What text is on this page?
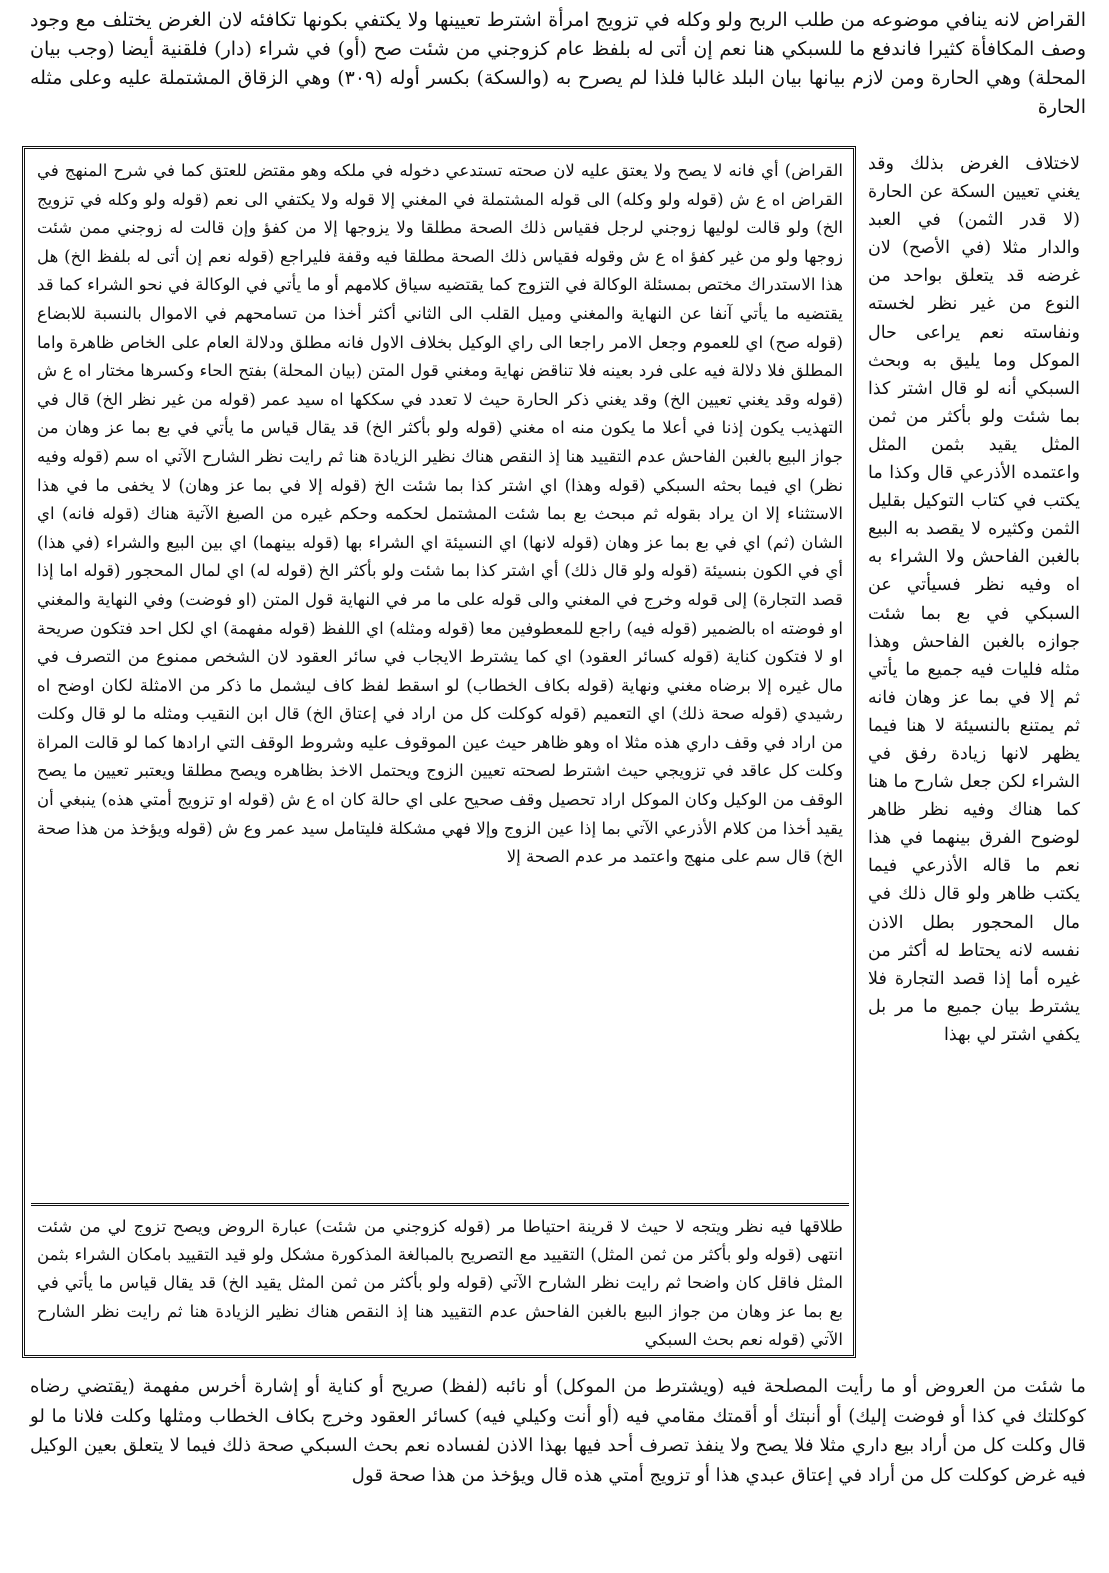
القراض لانه ينافي موضوعه من طلب الربح ولو وكله في تزويج امرأة اشترط تعيينها ولا يكتفي بكونها تكافئه لان الغرض يختلف مع وجود وصف المكافأة كثيرا فاندفع ما للسبكي هنا نعم إن أتى له بلفظ عام كزوجني من شئت صح (أو) في شراء (دار) فلقنية أيضا (وجب بيان المحلة) وهي الحارة ومن لازم بيانها بيان البلد غالبا فلذا لم يصرح به (والسكة) بكسر أوله (٣٠٩) وهي الزقاق المشتملة عليه وعلى مثله الحارة

لاختلاف الغرض بذلك وقد يغني تعيين السكة عن الحارة (لا قدر الثمن) في العبد والدار مثلا (في الأصح) لان غرضه قد يتعلق بواحد من النوع من غير نظر لخسته ونفاسته نعم يراعى حال الموكل وما يليق به وبحث السبكي أنه لو قال اشتر كذا بما شئت ولو بأكثر من ثمن المثل يقيد بثمن المثل واعتمده الأذرعي قال وكذا ما يكتب في كتاب التوكيل بقليل الثمن وكثيره لا يقصد به البيع بالغبن الفاحش ولا الشراء به اه وفيه نظر فسيأتي عن السبكي في بع بما شئت جوازه بالغبن الفاحش وهذا مثله فليات فيه جميع ما يأتي ثم إلا في بما عز وهان فانه ثم يمتنع بالنسيئة لا هنا فيما يظهر لانها زيادة رفق في الشراء لكن جعل شارح ما هنا كما هناك وفيه نظر ظاهر لوضوح الفرق بينهما في هذا نعم ما قاله الأذرعي فيما يكتب ظاهر ولو قال ذلك في مال المحجور بطل الاذن نفسه لانه يحتاط له أكثر من غيره أما إذا قصد التجارة فلا يشترط بيان جميع ما مر بل يكفي اشتر لي بهذا

القراض) أي فانه لا يصح ولا يعتق عليه لان صحته تستدعي دخوله في ملكه وهو مقتض للعتق كما في شرح المنهج في القراض اه ع ش (قوله ولو وكله) الى قوله المشتملة في المغني إلا قوله ولا يكتفي الى نعم (قوله ولو وكله في تزويج الخ) ولو قالت لوليها زوجني لرجل فقياس ذلك الصحة مطلقا ولا يزوجها إلا من كفؤ وإن قالت له زوجني ممن شئت زوجها ولو من غير كفؤ اه ع ش وقوله فقياس ذلك الصحة مطلقا فيه وقفة فليراجع (قوله نعم إن أتى له بلفظ الخ) هل هذا الاستدراك مختص بمسئلة الوكالة في التزوج كما يقتضيه سياق كلامهم أو ما يأتي في الوكالة في نحو الشراء كما قد يقتضيه ما يأتي آنفا عن النهاية والمغني وميل القلب الى الثاني أكثر أخذا من تسامحهم في الاموال بالنسبة للابضاع (قوله صح) اي للعموم وجعل الامر راجعا الى راي الوكيل بخلاف الاول فانه مطلق ودلالة العام على الخاص ظاهرة واما المطلق فلا دلالة فيه على فرد بعينه فلا تناقض نهاية ومغني قول المتن (بيان المحلة) بفتح الحاء وكسرها مختار اه ع ش (قوله وقد يغني تعيين الخ) وقد يغني ذكر الحارة حيث لا تعدد في سككها اه سيد عمر (قوله من غير نظر الخ) قال في التهذيب يكون إذنا في أعلا ما يكون منه اه مغني (قوله ولو بأكثر الخ) قد يقال قياس ما يأتي في بع بما عز وهان من جواز البيع بالغبن الفاحش عدم التقييد هنا إذ النقص هناك نظير الزيادة هنا ثم رايت نظر الشارح الآتي اه سم (قوله وفيه نظر) اي فيما بحثه السبكي (قوله وهذا) اي اشتر كذا بما شئت الخ (قوله إلا في بما عز وهان) لا يخفى ما في هذا الاستثناء إلا ان يراد بقوله ثم مبحث بع بما شئت المشتمل لحكمه وحكم غيره من الصيغ الآتية هناك (قوله فانه) اي الشان (ثم) اي في بع بما عز وهان (قوله لانها) اي النسيئة اي الشراء بها (قوله بينهما) اي بين البيع والشراء (في هذا) أي في الكون بنسيئة (قوله ولو قال ذلك) أي اشتر كذا بما شئت ولو بأكثر الخ (قوله له) اي لمال المحجور (قوله اما إذا قصد التجارة) إلى قوله وخرج في المغني والى قوله على ما مر في النهاية قول المتن (او فوضت) وفي النهاية والمغني او فوضته اه بالضمير (قوله فيه) راجع للمعطوفين معا (قوله ومثله) اي اللفظ (قوله مفهمة) اي لكل احد فتكون صريحة او لا فتكون كناية (قوله كسائر العقود) اي كما يشترط الايجاب في سائر العقود لان الشخص ممنوع من التصرف في مال غيره إلا برضاه مغني ونهاية (قوله بكاف الخطاب) لو اسقط لفظ كاف ليشمل ما ذكر من الامثلة لكان اوضح اه رشيدي (قوله صحة ذلك) اي التعميم (قوله كوكلت كل من اراد في إعتاق الخ) قال ابن النقيب ومثله ما لو قال وكلت من اراد في وقف داري هذه مثلا اه وهو ظاهر حيث عين الموقوف عليه وشروط الوقف التي ارادها كما لو قالت المراة وكلت كل عاقد في تزويجي حيث اشترط لصحته تعيين الزوج ويحتمل الاخذ بظاهره ويصح مطلقا ويعتبر تعيين ما يصح الوقف من الوكيل وكان الموكل اراد تحصيل وقف صحيح على اي حالة كان اه ع ش (قوله او تزويج أمتي هذه) ينبغي أن يقيد أخذا من كلام الأذرعي الآتي بما إذا عين الزوج وإلا فهي مشكلة فليتامل سيد عمر وع ش (قوله ويؤخذ من هذا صحة الخ) قال سم على منهج واعتمد مر عدم الصحة إلا

طلاقها فيه نظر ويتجه لا حيث لا قرينة احتياطا مر (قوله كزوجني من شئت) عبارة الروض ويصح تزوج لي من شئت انتهى (قوله ولو بأكثر من ثمن المثل) التقييد مع التصريح بالمبالغة المذكورة مشكل ولو قيد التقييد بامكان الشراء بثمن المثل فاقل كان واضحا ثم رايت نظر الشارح الآتي (قوله ولو بأكثر من ثمن المثل يقيد الخ) قد يقال قياس ما يأتي في بع بما عز وهان من جواز البيع بالغبن الفاحش عدم التقييد هنا إذ النقص هناك نظير الزيادة هنا ثم رايت نظر الشارح الآتي (قوله نعم بحث السبكي

ما شئت من العروض أو ما رأيت المصلحة فيه (ويشترط من الموكل) أو نائبه (لفظ) صريح أو كناية أو إشارة أخرس مفهمة (يقتضي رضاه كوكلتك في كذا أو فوضت إليك) أو أنبتك أو أقمتك مقامي فيه (أو أنت وكيلي فيه) كسائر العقود وخرج بكاف الخطاب ومثلها وكلت فلانا ما لو قال وكلت كل من أراد بيع داري مثلا فلا يصح ولا ينفذ تصرف أحد فيها بهذا الاذن لفساده نعم بحث السبكي صحة ذلك فيما لا يتعلق بعين الوكيل فيه غرض كوكلت كل من أراد في إعتاق عبدي هذا أو تزويج أمتي هذه قال ويؤخذ من هذا صحة قول
